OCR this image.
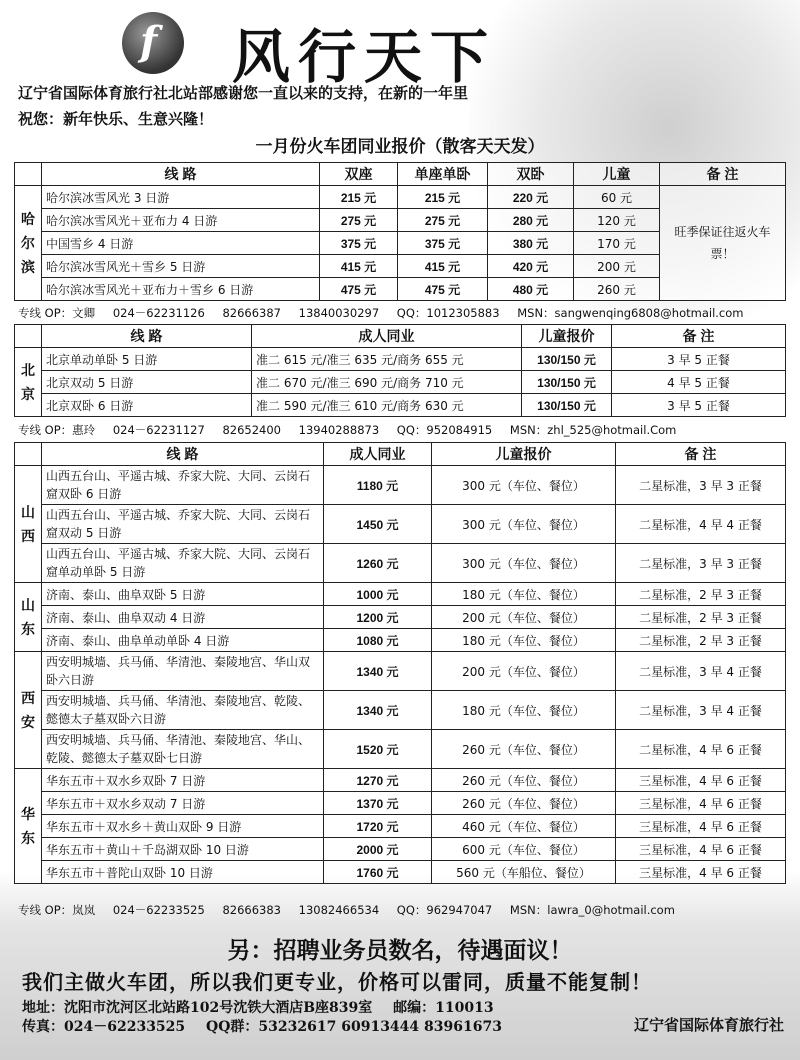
f 风行天下
辽宁省国际体育旅行社北站部感谢您一直以来的支持，在新的一年里
祝您：新年快乐、生意兴隆！
一月份火车团同业报价（散客天天发）
	线 路	双座	单座单卧	双卧	儿童	备 注
哈尔滨	哈尔滨冰雪风光 3 日游	215 元	215 元	220 元	60 元	旺季保证往返火车票！
	哈尔滨冰雪风光＋亚布力 4 日游	275 元	275 元	280 元	120 元	
	中国雪乡 4 日游	375 元	375 元	380 元	170 元	
	哈尔滨冰雪风光＋雪乡 5 日游	415 元	415 元	420 元	200 元	
	哈尔滨冰雪风光＋亚布力＋雪乡 6 日游	475 元	475 元	480 元	260 元	
专线 OP：文卿 024－62231126 82666387 13840030297 QQ：1012305883 MSN：sangwenqing6808@hotmail.com
	线 路	成人同业	儿童报价	备 注
北京	北京单动单卧 5 日游	准二 615 元/准三 635 元/商务 655 元	130/150 元	3 早 5 正餐
	北京双动 5 日游	准二 670 元/准三 690 元/商务 710 元	130/150 元	4 早 5 正餐
	北京双卧 6 日游	准二 590 元/准三 610 元/商务 630 元	130/150 元	3 早 5 正餐
专线 OP：惠玲 024－62231127 82652400 13940288873 QQ：952084915 MSN：zhl_525@hotmail.Com
	线 路	成人同业	儿童报价	备 注
山西	山西五台山、平遥古城、乔家大院、大同、云岗石窟双卧 6 日游	1180 元	300 元（车位、餐位）	二星标准，3 早 3 正餐
	山西五台山、平遥古城、乔家大院、大同、云岗石窟双动 5 日游	1450 元	300 元（车位、餐位）	二星标准，4 早 4 正餐
	山西五台山、平遥古城、乔家大院、大同、云岗石窟单动单卧 5 日游	1260 元	300 元（车位、餐位）	二星标准，3 早 3 正餐
山东	济南、泰山、曲阜双卧 5 日游	1000 元	180 元（车位、餐位）	二星标准，2 早 3 正餐
	济南、泰山、曲阜双动 4 日游	1200 元	200 元（车位、餐位）	二星标准，2 早 3 正餐
	济南、泰山、曲阜单动单卧 4 日游	1080 元	180 元（车位、餐位）	二星标准，2 早 3 正餐
西安	西安明城墙、兵马俑、华清池、秦陵地宫、华山双卧六日游	1340 元	200 元（车位、餐位）	二星标准，3 早 4 正餐
	西安明城墙、兵马俑、华清池、秦陵地宫、乾陵、懿德太子墓双卧六日游	1340 元	180 元（车位、餐位）	二星标准，3 早 4 正餐
	西安明城墙、兵马俑、华清池、秦陵地宫、华山、乾陵、懿德太子墓双卧七日游	1520 元	260 元（车位、餐位）	二星标准，4 早 6 正餐
华东	华东五市＋双水乡双卧 7 日游	1270 元	260 元（车位、餐位）	三星标准，4 早 6 正餐
	华东五市＋双水乡双动 7 日游	1370 元	260 元（车位、餐位）	三星标准，4 早 6 正餐
	华东五市＋双水乡＋黄山双卧 9 日游	1720 元	460 元（车位、餐位）	三星标准，4 早 6 正餐
	华东五市＋黄山＋千岛湖双卧 10 日游	2000 元	600 元（车位、餐位）	三星标准，4 早 6 正餐
	华东五市＋普陀山双卧 10 日游	1760 元	560 元（车船位、餐位）	三星标准，4 早 6 正餐
专线 OP：岚岚 024－62233525 82666383 13082466534 QQ：962947047 MSN：lawra_0@hotmail.com
另：招聘业务员数名，待遇面议！
我们主做火车团，所以我们更专业，价格可以雷同，质量不能复制！
地址：沈阳市沈河区北站路102号沈铁大酒店B座839室 邮编：110013
传真：024－62233525 QQ群：53232617 60913444 83961673	辽宁省国际体育旅行社
